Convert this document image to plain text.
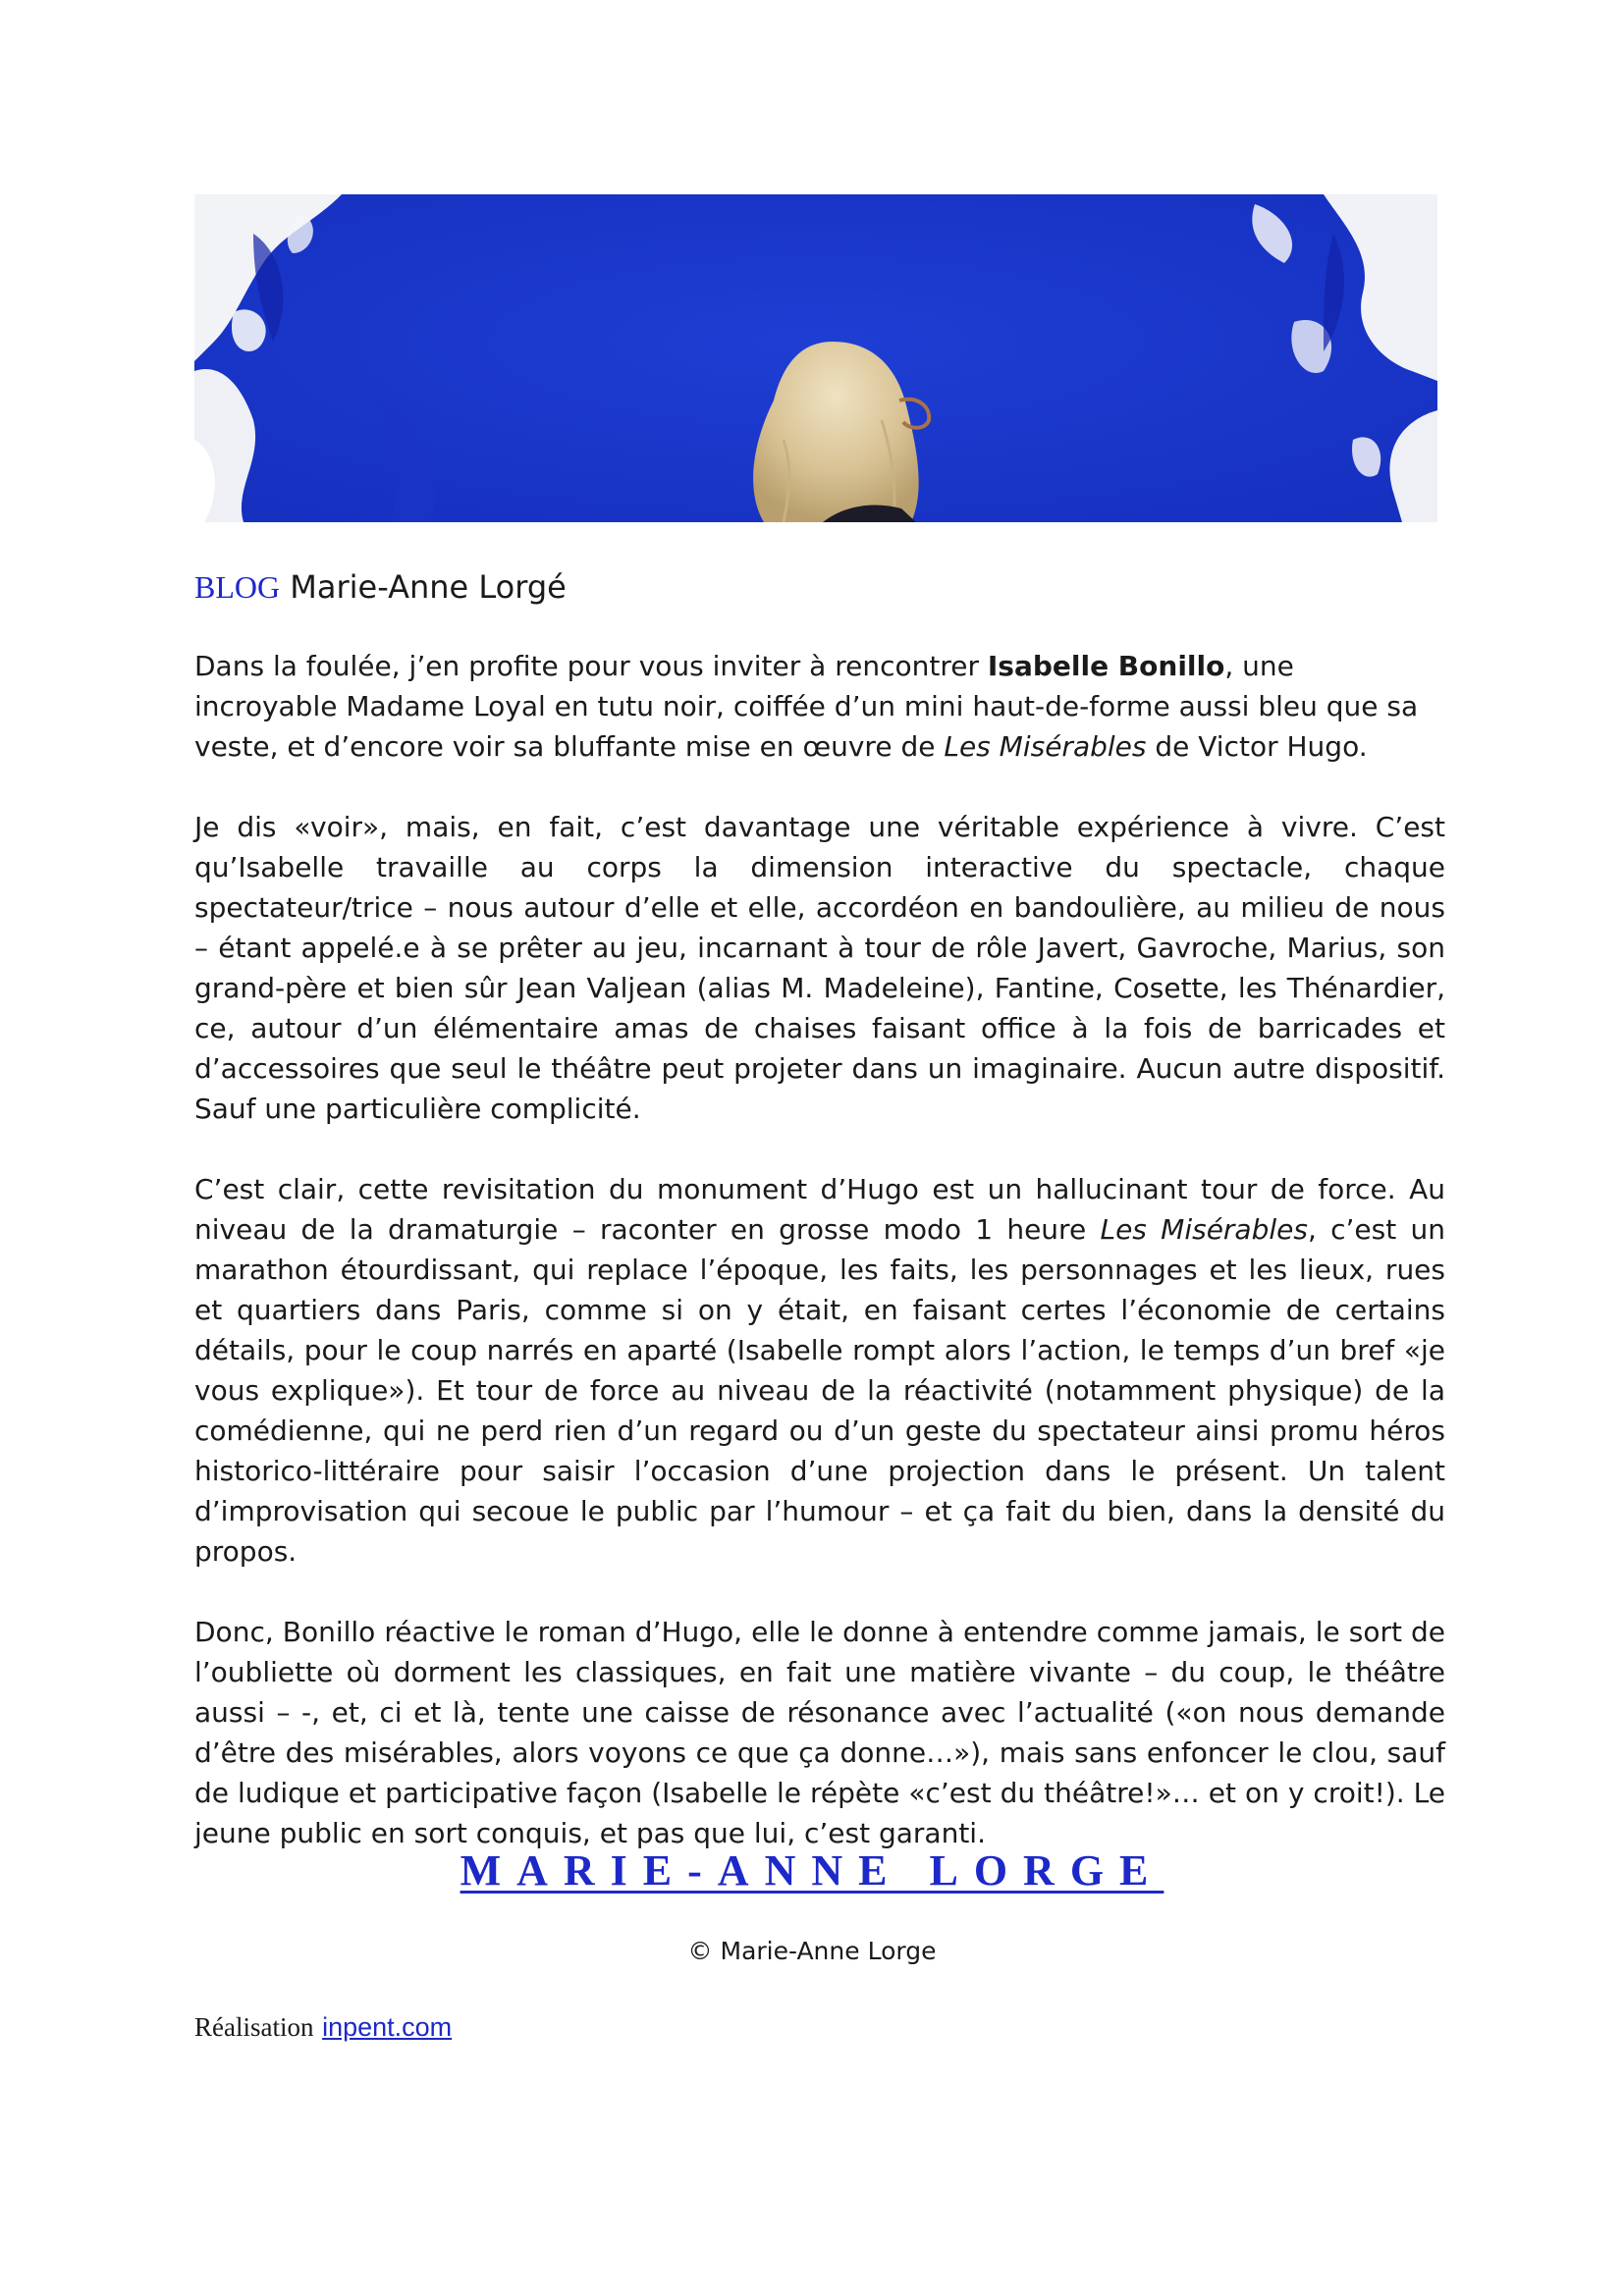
BLOG Marie-Anne Lorgé

Dans la foulée, j’en profite pour vous inviter à rencontrer Isabelle Bonillo, une incroyable Madame Loyal en tutu noir, coiffée d’un mini haut-de-forme aussi bleu que sa veste, et d’encore voir sa bluffante mise en œuvre de Les Misérables de Victor Hugo.

Je dis «voir», mais, en fait, c’est davantage une véritable expérience à vivre. C’est qu’Isabelle travaille au corps la dimension interactive du spectacle, chaque spectateur/trice – nous autour d’elle et elle, accordéon en bandoulière, au milieu de nous – étant appelé.e à se prêter au jeu, incarnant à tour de rôle Javert, Gavroche, Marius, son grand-père et bien sûr Jean Valjean (alias M. Madeleine), Fantine, Cosette, les Thénardier, ce, autour d’un élémentaire amas de chaises faisant office à la fois de barricades et d’accessoires que seul le théâtre peut projeter dans un imaginaire. Aucun autre dispositif. Sauf une particulière complicité.

C’est clair, cette revisitation du monument d’Hugo est un hallucinant tour de force. Au niveau de la dramaturgie – raconter en grosse modo 1 heure Les Misérables, c’est un marathon étourdissant, qui replace l’époque, les faits, les personnages et les lieux, rues et quartiers dans Paris, comme si on y était, en faisant certes l’économie de certains détails, pour le coup narrés en aparté (Isabelle rompt alors l’action, le temps d’un bref «je vous explique»). Et tour de force au niveau de la réactivité (notamment physique) de la comédienne, qui ne perd rien d’un regard ou d’un geste du spectateur ainsi promu héros historico-littéraire pour saisir l’occasion d’une projection dans le présent. Un talent d’improvisation qui secoue le public par l’humour – et ça fait du bien, dans la densité du propos.

Donc, Bonillo réactive le roman d’Hugo, elle le donne à entendre comme jamais, le sort de l’oubliette où dorment les classiques, en fait une matière vivante – du coup, le théâtre aussi – -, et, ci et là, tente une caisse de résonance avec l’actualité («on nous demande d’être des misérables, alors voyons ce que ça donne…»), mais sans enfoncer le clou, sauf de ludique et participative façon (Isabelle le répète «c’est du théâtre!»… et on y croit!). Le jeune public en sort conquis, et pas que lui, c’est garanti.

MARIE-ANNE LORGE
© Marie-Anne Lorge
Réalisation inpent.com
